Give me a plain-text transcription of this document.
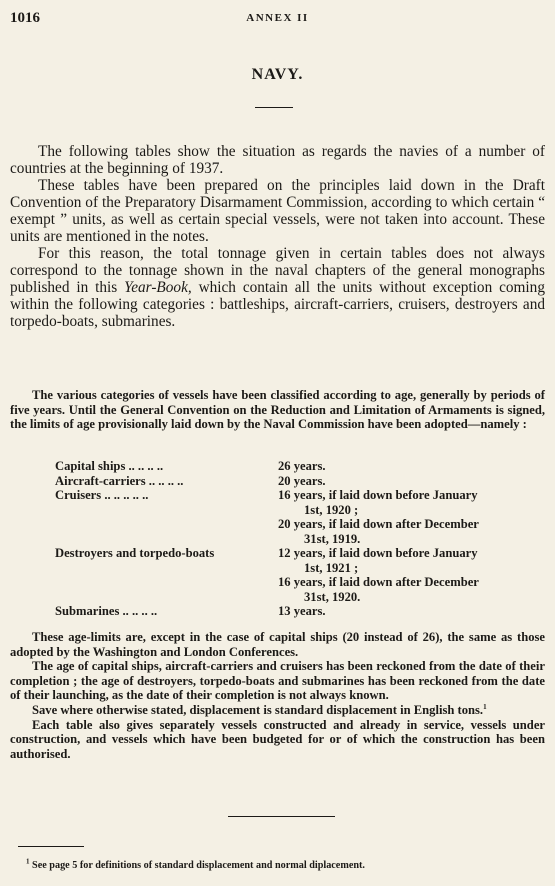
1016	ANNEX II
NAVY.

The following tables show the situation as regards the navies of a number of countries at the beginning of 1937.

These tables have been prepared on the principles laid down in the Draft Convention of the Preparatory Disarmament Commission, according to which certain “ exempt ” units, as well as certain special vessels, were not taken into account. These units are mentioned in the notes.

For this reason, the total tonnage given in certain tables does not always correspond to the tonnage shown in the naval chapters of the general monographs published in this Year-Book, which contain all the units without exception coming within the following categories : battleships, aircraft-carriers, cruisers, destroyers and torpedo-boats, submarines.

The various categories of vessels have been classified according to age, generally by periods of five years. Until the General Convention on the Reduction and Limitation of Armaments is signed, the limits of age provisionally laid down by the Naval Commission have been adopted—namely :

Capital ships .. .. .. ..	26 years.
Aircraft-carriers .. .. .. ..	20 years.
Cruisers .. .. .. .. ..	16 years, if laid down before January
1st, 1920 ;
20 years, if laid down after December
31st, 1919.
Destroyers and torpedo-boats	12 years, if laid down before January
1st, 1921 ;
16 years, if laid down after December
31st, 1920.
Submarines .. .. .. ..	13 years.

These age-limits are, except in the case of capital ships (20 instead of 26), the same as those adopted by the Washington and London Conferences.

The age of capital ships, aircraft-carriers and cruisers has been reckoned from the date of their completion ; the age of destroyers, torpedo-boats and submarines has been reckoned from the date of their launching, as the date of their completion is not always known.

Save where otherwise stated, displacement is standard displacement in English tons.$^1$

Each table also gives separately vessels constructed and already in service, vessels under construction, and vessels which have been budgeted for or of which the construction has been authorised.

$^1$ See page 5 for definitions of standard displacement and normal diplacement.
